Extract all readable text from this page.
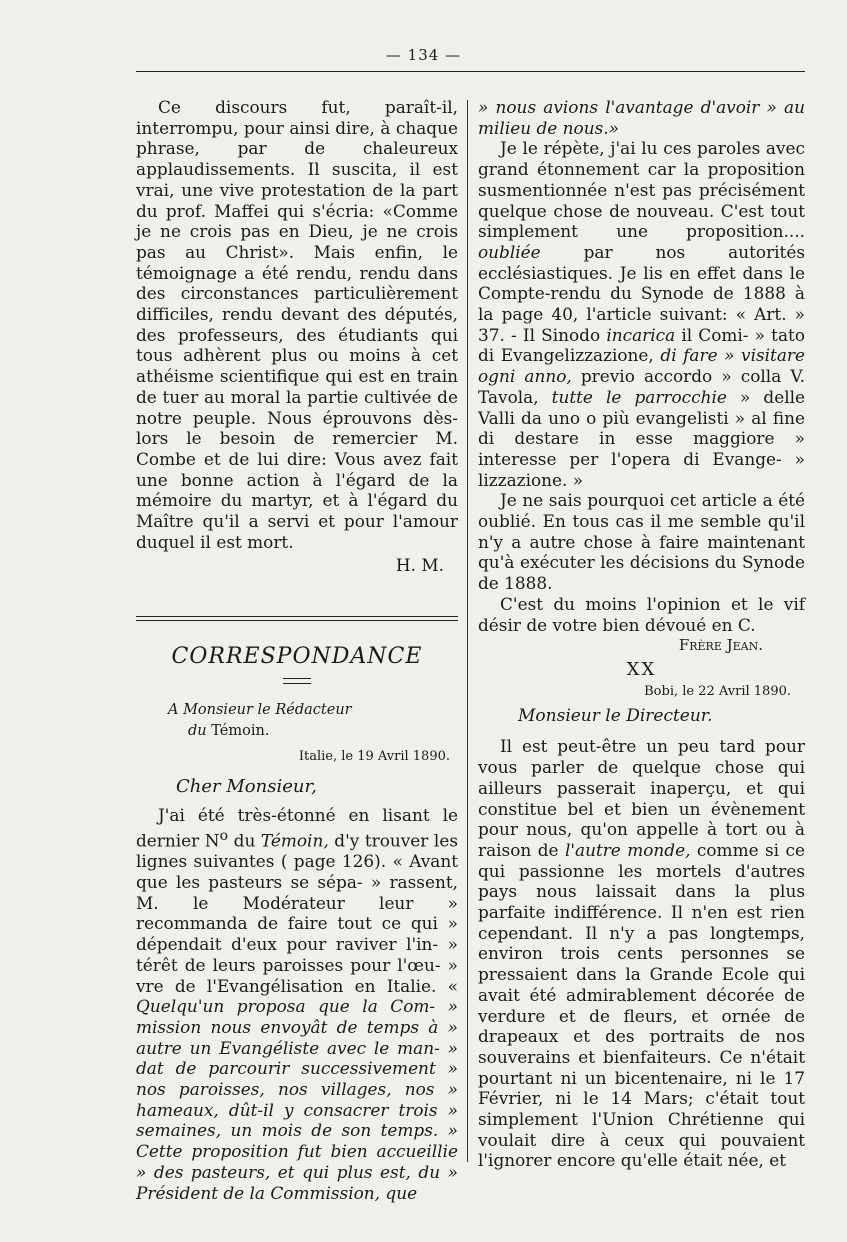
— 134 —

Ce discours fut, paraît-il, interrompu, pour ainsi dire, à chaque phrase, par de chaleureux applaudissements. Il suscita, il est vrai, une vive protestation de la part du prof. Maffei qui s'écria: «Comme je ne crois pas en Dieu, je ne crois pas au Christ». Mais enfin, le témoignage a été rendu, rendu dans des circonstances particulièrement difficiles, rendu devant des députés, des professeurs, des étudiants qui tous adhèrent plus ou moins à cet athéisme scientifique qui est en train de tuer au moral la partie cultivée de notre peuple. Nous éprouvons dès-lors le besoin de remercier M. Combe et de lui dire: Vous avez fait une bonne action à l'égard de la mémoire du martyr, et à l'égard du Maître qu'il a servi et pour l'amour duquel il est mort.

H. M.
CORRESPONDANCE
A Monsieur le Rédacteur
du Témoin.
Italie, le 19 Avril 1890.
Cher Monsieur,

J'ai été très-étonné en lisant le dernier $N^o$ du Témoin, d'y trouver les lignes suivantes ( page 126). « Avant que les pasteurs se sépa- » rassent, M. le Modérateur leur » recommanda de faire tout ce qui » dépendait d'eux pour raviver l'in- » térêt de leurs paroisses pour l'œu- » vre de l'Evangélisation en Italie. « Quelqu'un proposa que la Com- » mission nous envoyât de temps à » autre un Evangéliste avec le man- » dat de parcourir successivement » nos paroisses, nos villages, nos » hameaux, dût-il y consacrer trois » semaines, un mois de son temps. » Cette proposition fut bien accueillie » des pasteurs, et qui plus est, du » Président de la Commission, que

» nous avions l'avantage d'avoir » au milieu de nous.»

Je le répète, j'ai lu ces paroles avec grand étonnement car la proposition susmentionnée n'est pas précisément quelque chose de nouveau. C'est tout simplement une proposition.... oubliée	par nos autorités ecclésiastiques. Je lis en effet dans le Compte-rendu du Synode de 1888 à la page 40, l'article suivant: « Art. » 37. - Il Sinodo incarica il Comi- » tato di Evangelizzazione, di fare » visitare ogni anno, previo accordo » colla V. Tavola, tutte le parrocchie » delle Valli da uno o più evangelisti » al fine di destare in esse maggiore » interesse per l'opera di Evange- » lizzazione. »

Je ne sais pourquoi cet article a été oublié. En tous cas il me semble qu'il n'y a autre chose à faire maintenant qu'à exécuter les décisions du Synode de 1888.

C'est du moins l'opinion et le vif désir de votre bien dévoué en C.

Frère Jean.
XX
Bobi, le 22 Avril 1890.
Monsieur le Directeur.

Il est peut-être un peu tard pour vous parler de quelque chose qui ailleurs passerait inaperçu, et qui constitue bel et bien un évènement pour nous, qu'on appelle à tort ou à raison de l'autre monde, comme si ce qui passionne les mortels d'autres pays nous laissait dans la plus parfaite indifférence. Il n'en est rien cependant. Il n'y a pas longtemps, environ trois cents personnes se pressaient dans la Grande Ecole qui avait été admirablement décorée de verdure et de fleurs, et ornée de drapeaux et des portraits de nos souverains et bienfaiteurs. Ce n'était pourtant ni un bicentenaire, ni le 17 Février, ni le 14 Mars; c'était tout simplement l'Union Chrétienne qui voulait dire à ceux qui pouvaient l'ignorer encore qu'elle était née, et
